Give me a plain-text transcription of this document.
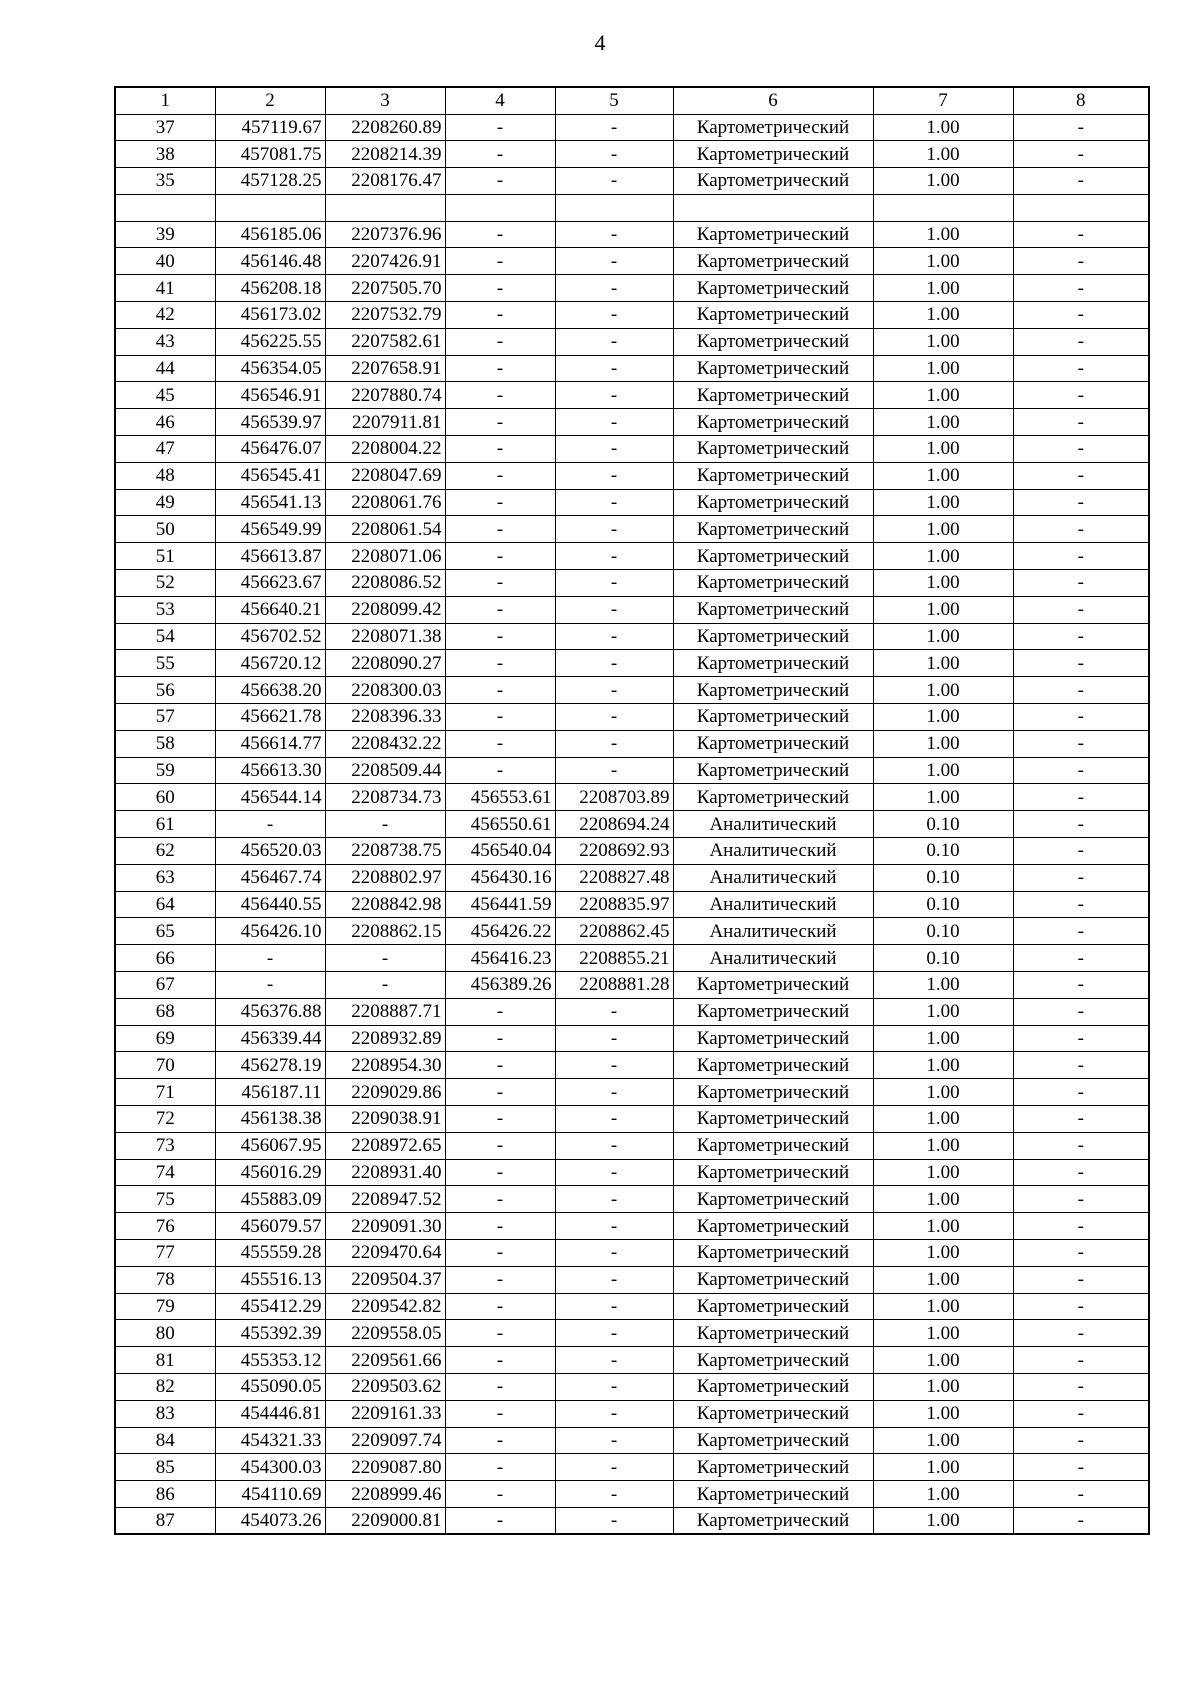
4
1	2	3	4	5	6	7	8
37	457119.67	2208260.89	-	-	Картометрический	1.00	-
38	457081.75	2208214.39	-	-	Картометрический	1.00	-
35	457128.25	2208176.47	-	-	Картометрический	1.00	-

39	456185.06	2207376.96	-	-	Картометрический	1.00	-
40	456146.48	2207426.91	-	-	Картометрический	1.00	-
41	456208.18	2207505.70	-	-	Картометрический	1.00	-
42	456173.02	2207532.79	-	-	Картометрический	1.00	-
43	456225.55	2207582.61	-	-	Картометрический	1.00	-
44	456354.05	2207658.91	-	-	Картометрический	1.00	-
45	456546.91	2207880.74	-	-	Картометрический	1.00	-
46	456539.97	2207911.81	-	-	Картометрический	1.00	-
47	456476.07	2208004.22	-	-	Картометрический	1.00	-
48	456545.41	2208047.69	-	-	Картометрический	1.00	-
49	456541.13	2208061.76	-	-	Картометрический	1.00	-
50	456549.99	2208061.54	-	-	Картометрический	1.00	-
51	456613.87	2208071.06	-	-	Картометрический	1.00	-
52	456623.67	2208086.52	-	-	Картометрический	1.00	-
53	456640.21	2208099.42	-	-	Картометрический	1.00	-
54	456702.52	2208071.38	-	-	Картометрический	1.00	-
55	456720.12	2208090.27	-	-	Картометрический	1.00	-
56	456638.20	2208300.03	-	-	Картометрический	1.00	-
57	456621.78	2208396.33	-	-	Картометрический	1.00	-
58	456614.77	2208432.22	-	-	Картометрический	1.00	-
59	456613.30	2208509.44	-	-	Картометрический	1.00	-
60	456544.14	2208734.73	456553.61	2208703.89	Картометрический	1.00	-
61	-	-	456550.61	2208694.24	Аналитический	0.10	-
62	456520.03	2208738.75	456540.04	2208692.93	Аналитический	0.10	-
63	456467.74	2208802.97	456430.16	2208827.48	Аналитический	0.10	-
64	456440.55	2208842.98	456441.59	2208835.97	Аналитический	0.10	-
65	456426.10	2208862.15	456426.22	2208862.45	Аналитический	0.10	-
66	-	-	456416.23	2208855.21	Аналитический	0.10	-
67	-	-	456389.26	2208881.28	Картометрический	1.00	-
68	456376.88	2208887.71	-	-	Картометрический	1.00	-
69	456339.44	2208932.89	-	-	Картометрический	1.00	-
70	456278.19	2208954.30	-	-	Картометрический	1.00	-
71	456187.11	2209029.86	-	-	Картометрический	1.00	-
72	456138.38	2209038.91	-	-	Картометрический	1.00	-
73	456067.95	2208972.65	-	-	Картометрический	1.00	-
74	456016.29	2208931.40	-	-	Картометрический	1.00	-
75	455883.09	2208947.52	-	-	Картометрический	1.00	-
76	456079.57	2209091.30	-	-	Картометрический	1.00	-
77	455559.28	2209470.64	-	-	Картометрический	1.00	-
78	455516.13	2209504.37	-	-	Картометрический	1.00	-
79	455412.29	2209542.82	-	-	Картометрический	1.00	-
80	455392.39	2209558.05	-	-	Картометрический	1.00	-
81	455353.12	2209561.66	-	-	Картометрический	1.00	-
82	455090.05	2209503.62	-	-	Картометрический	1.00	-
83	454446.81	2209161.33	-	-	Картометрический	1.00	-
84	454321.33	2209097.74	-	-	Картометрический	1.00	-
85	454300.03	2209087.80	-	-	Картометрический	1.00	-
86	454110.69	2208999.46	-	-	Картометрический	1.00	-
87	454073.26	2209000.81	-	-	Картометрический	1.00	-
